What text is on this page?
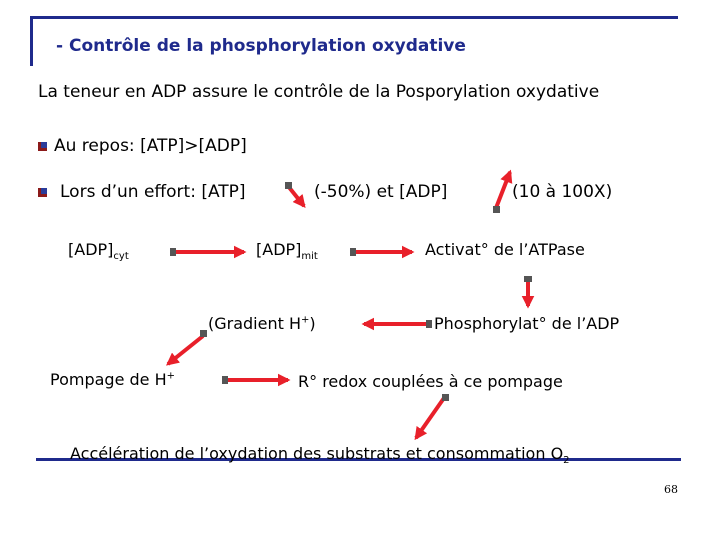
- Contrôle de la phosphorylation oxydative
La teneur en ADP assure le contrôle de la Posporylation oxydative
Au repos: [ATP]>[ADP]
Lors d’un effort: [ATP]	(-50%) et [ADP]	(10 à 100X)
$[ADP]_{cyt}$	$[ADP]_{mit}$	Activat° de l’ATPase
(Gradient H+)	Phosphorylat° de l’ADP
Pompage de H+	R° redox couplées à ce pompage
Accélération de l’oxydation des substrats et consommation $O_2$
68
